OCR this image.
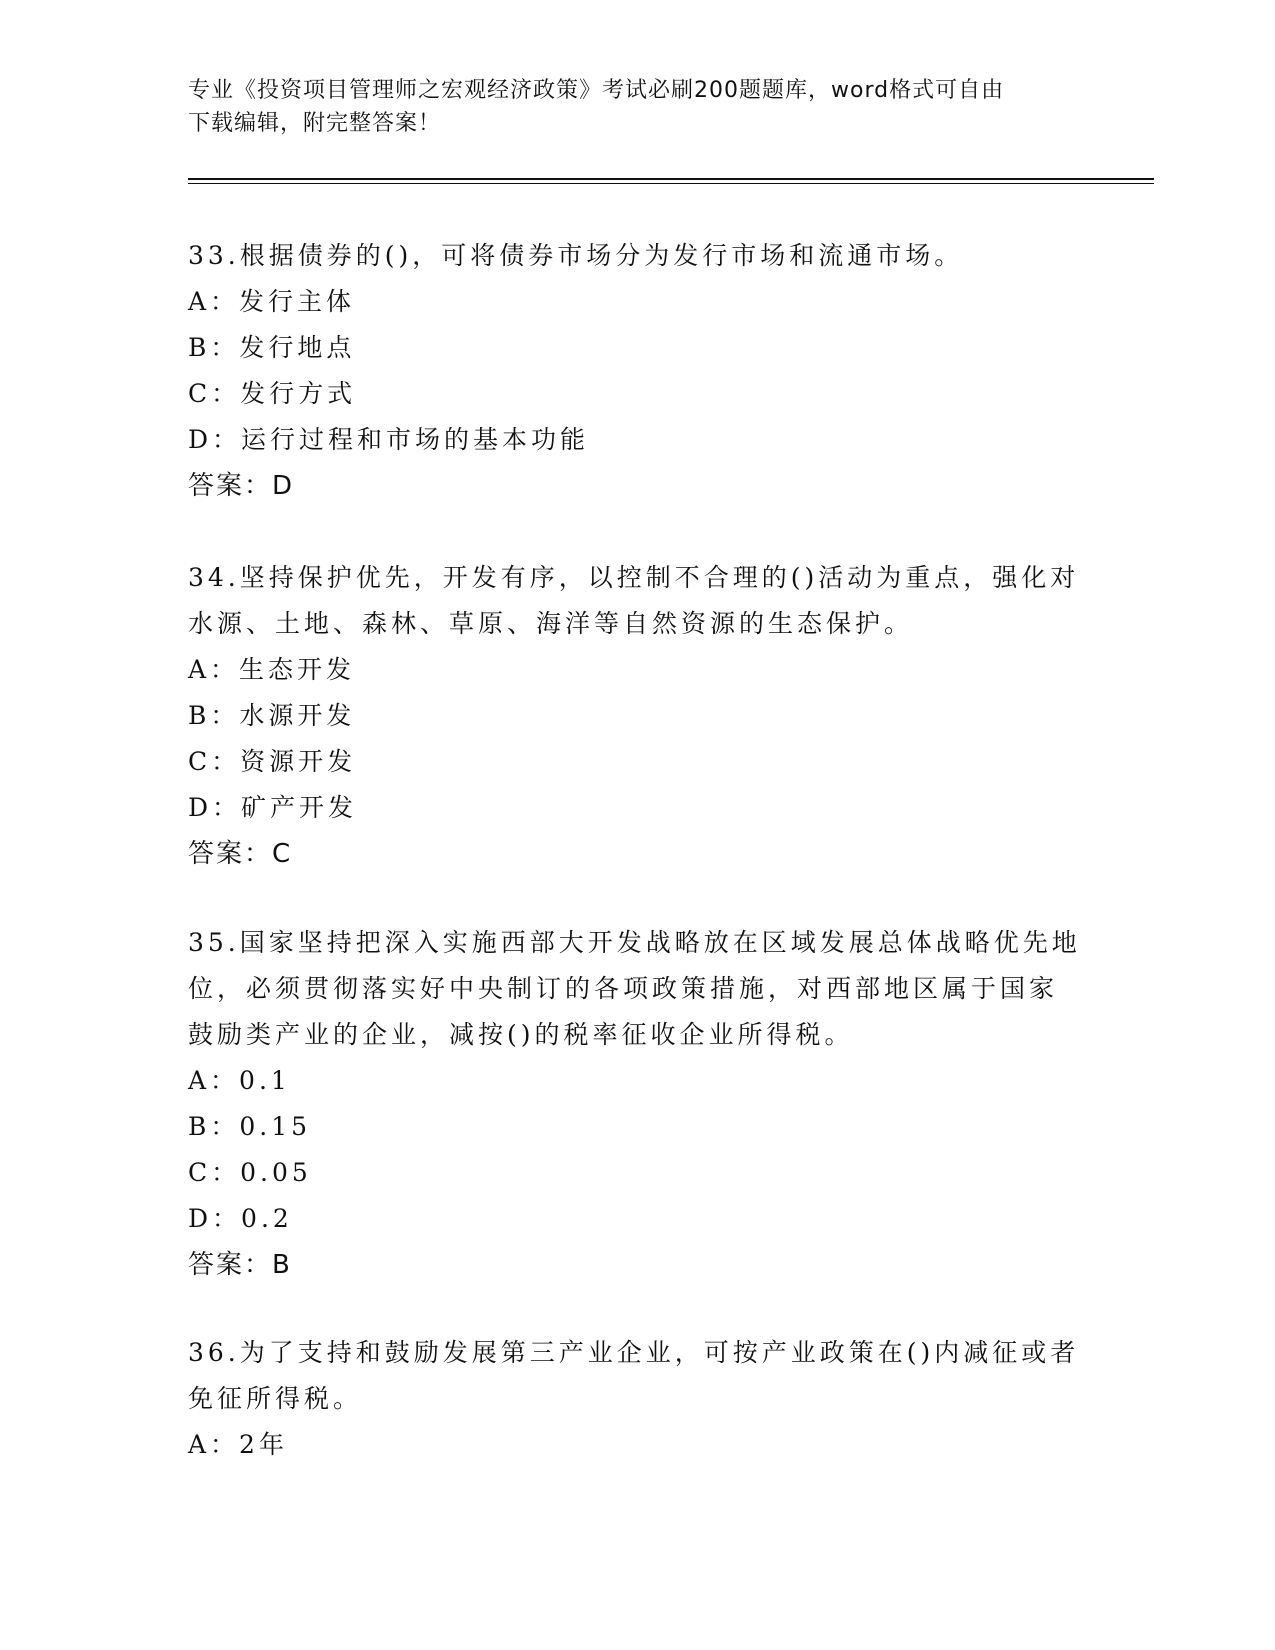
专业《投资项目管理师之宏观经济政策》考试必刷200题题库，word格式可自由
下载编辑，附完整答案！
33.根据债券的()，可将债券市场分为发行市场和流通市场。
A：发行主体
B：发行地点
C：发行方式
D：运行过程和市场的基本功能
答案：D
34.坚持保护优先，开发有序，以控制不合理的()活动为重点，强化对
水源、土地、森林、草原、海洋等自然资源的生态保护。
A：生态开发
B：水源开发
C：资源开发
D：矿产开发
答案：C
35.国家坚持把深入实施西部大开发战略放在区域发展总体战略优先地
位，必须贯彻落实好中央制订的各项政策措施，对西部地区属于国家
鼓励类产业的企业，减按()的税率征收企业所得税。
A：0.1
B：0.15
C：0.05
D：0.2
答案：B
36.为了支持和鼓励发展第三产业企业，可按产业政策在()内减征或者
免征所得税。
A：2年
